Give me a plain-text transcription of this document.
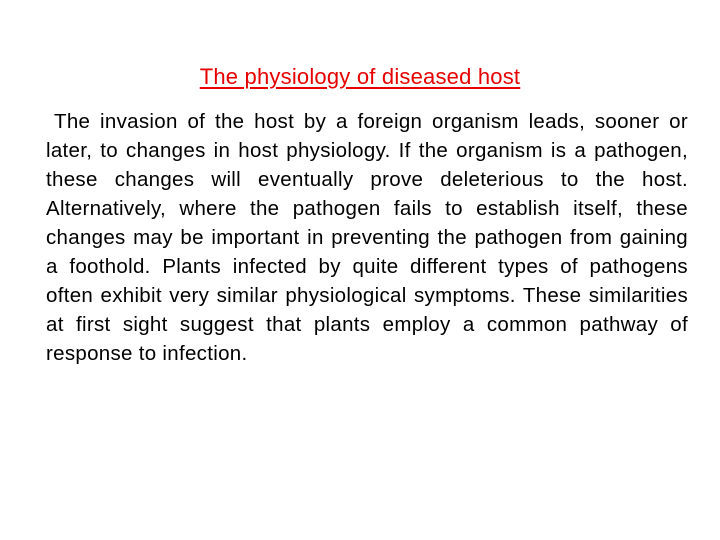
The physiology of diseased host

The invasion of the host by a foreign organism leads, sooner or later, to changes in host physiology. If the organism is a pathogen, these changes will eventually prove deleterious to the host. Alternatively, where the pathogen fails to establish itself, these changes may be important in preventing the pathogen from gaining a foothold. Plants infected by quite different types of pathogens often exhibit very similar physiological symptoms. These similarities at first sight suggest that plants employ a common pathway of response to infection.
